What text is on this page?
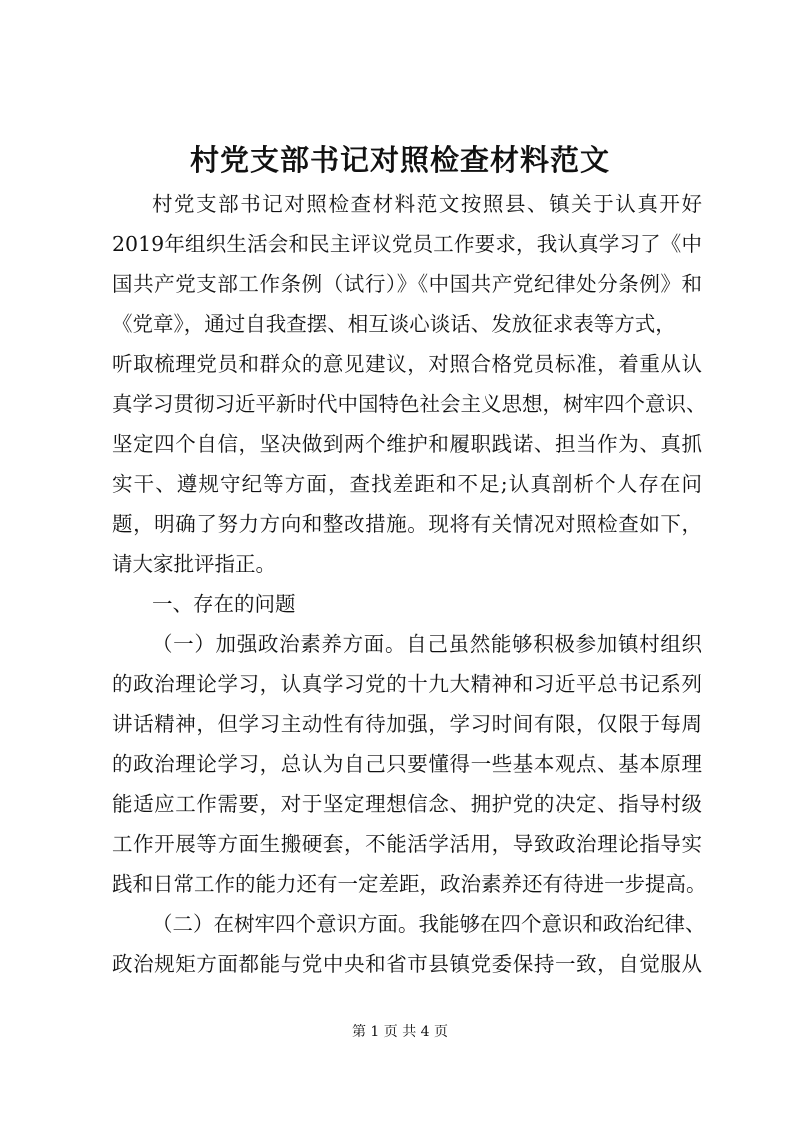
村党支部书记对照检查材料范文
村党支部书记对照检查材料范文按照县、镇关于认真开好
2019年组织生活会和民主评议党员工作要求，我认真学习了《中
国共产党支部工作条例（试行）》《中国共产党纪律处分条例》和
《党章》，通过自我查摆、相互谈心谈话、发放征求表等方式，
听取梳理党员和群众的意见建议，对照合格党员标准，着重从认
真学习贯彻习近平新时代中国特色社会主义思想，树牢四个意识、
坚定四个自信，坚决做到两个维护和履职践诺、担当作为、真抓
实干、遵规守纪等方面，查找差距和不足;认真剖析个人存在问
题，明确了努力方向和整改措施。现将有关情况对照检查如下，
请大家批评指正。
一、存在的问题
（一）加强政治素养方面。自己虽然能够积极参加镇村组织
的政治理论学习，认真学习党的十九大精神和习近平总书记系列
讲话精神，但学习主动性有待加强，学习时间有限，仅限于每周
的政治理论学习，总认为自己只要懂得一些基本观点、基本原理
能适应工作需要，对于坚定理想信念、拥护党的决定、指导村级
工作开展等方面生搬硬套，不能活学活用，导致政治理论指导实
践和日常工作的能力还有一定差距，政治素养还有待进一步提高。
（二）在树牢四个意识方面。我能够在四个意识和政治纪律、
政治规矩方面都能与党中央和省市县镇党委保持一致，自觉服从
第 1 页 共 4 页
